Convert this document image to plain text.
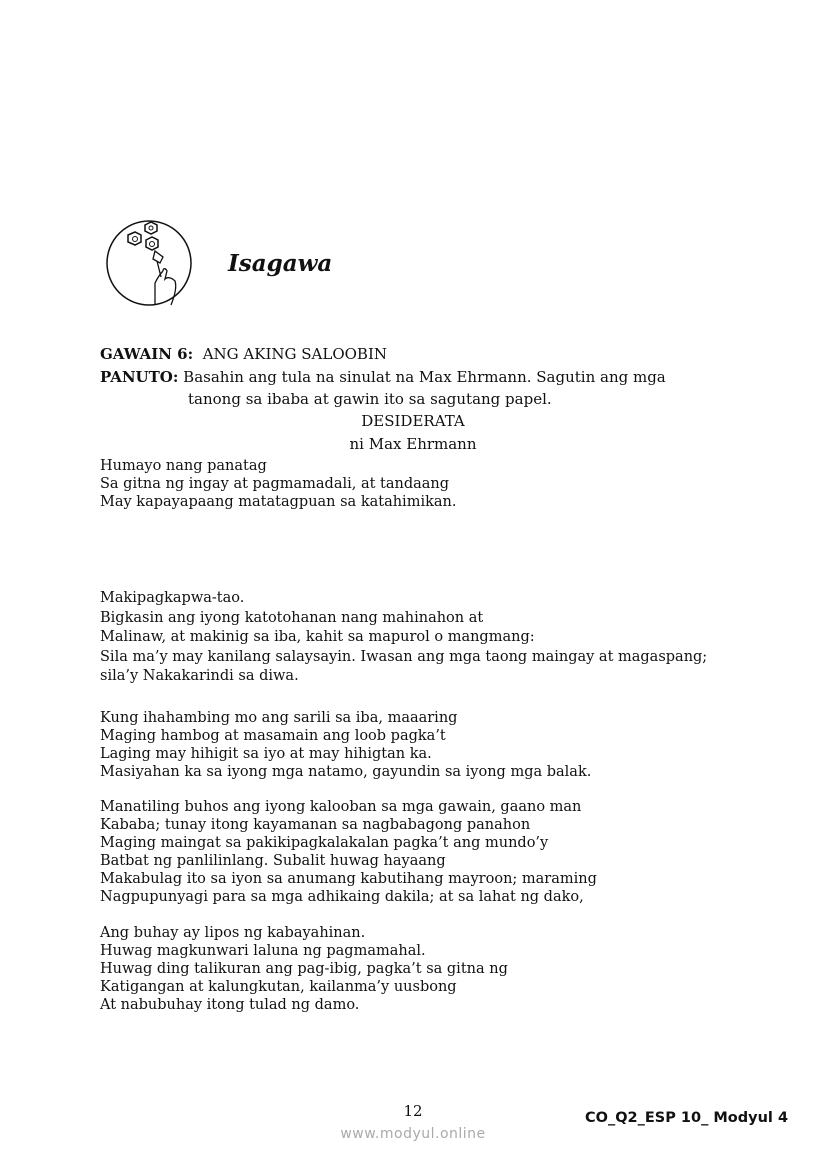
Isagawa
GAWAIN 6: ANG AKING SALOOBIN
PANUTO: Basahin ang tula na sinulat na Max Ehrmann. Sagutin ang mga
tanong sa ibaba at gawin ito sa sagutang papel.
DESIDERATA
ni Max Ehrmann
Humayo nang panatag
Sa gitna ng ingay at pagmamadali, at tandaang
May kapayapaang matatagpuan sa katahimikan.
Makipagkapwa-tao.
Bigkasin ang iyong katotohanan nang mahinahon at
Malinaw, at makinig sa iba, kahit sa mapurol o mangmang:
Sila ma’y may kanilang salaysayin. Iwasan ang mga taong maingay at magaspang;
sila’y Nakakarindi sa diwa.
Kung ihahambing mo ang sarili sa iba, maaaring
Maging hambog at masamain ang loob pagka’t
Laging may hihigit sa iyo at may hihigtan ka.
Masiyahan ka sa iyong mga natamo, gayundin sa iyong mga balak.
Manatiling buhos ang iyong kalooban sa mga gawain, gaano man
Kababa; tunay itong kayamanan sa nagbabagong panahon
Maging maingat sa pakikipagkalakalan pagka’t ang mundo’y
Batbat ng panlilinlang. Subalit huwag hayaang
Makabulag ito sa iyon sa anumang kabutihang mayroon; maraming
Nagpupunyagi para sa mga adhikaing dakila; at sa lahat ng dako,
Ang buhay ay lipos ng kabayahinan.
Huwag magkunwari laluna ng pagmamahal.
Huwag ding talikuran ang pag-ibig, pagka’t sa gitna ng
Katigangan at kalungkutan, kailanma’y uusbong
At nabubuhay itong tulad ng damo.
12	CO_Q2_ESP 10_ Modyul 4
www.modyul.online
